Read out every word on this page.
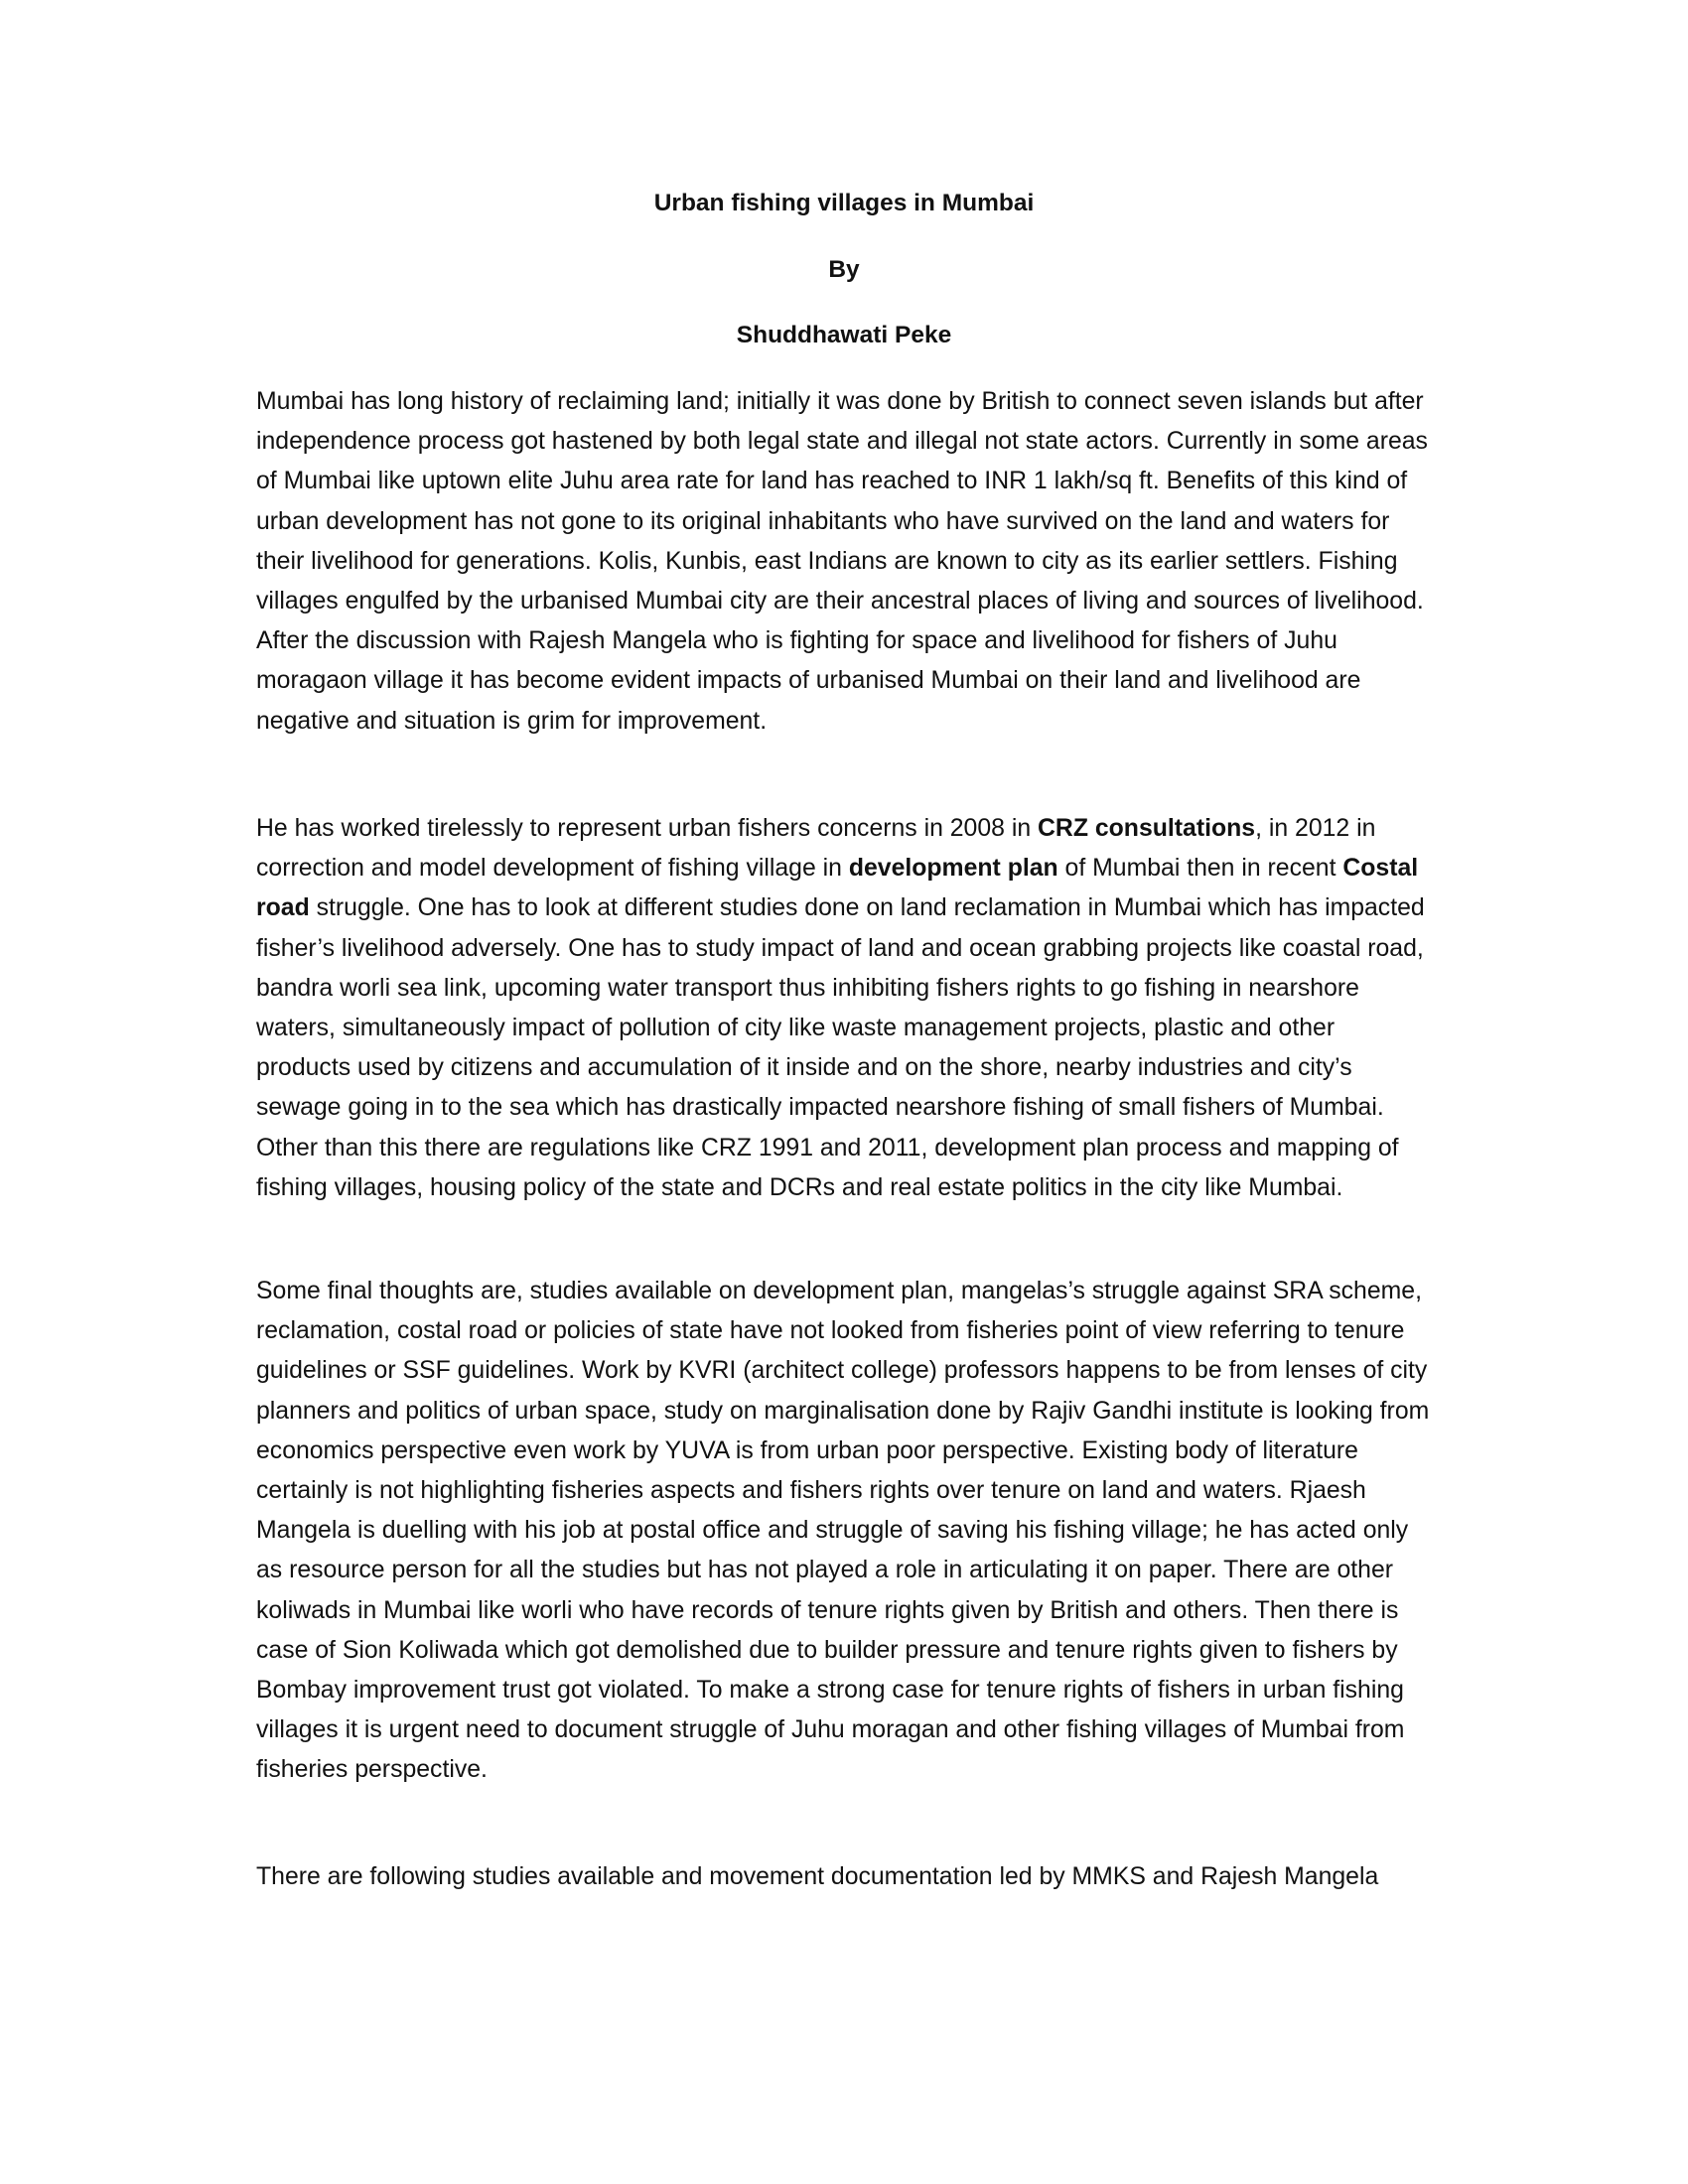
Urban fishing villages in Mumbai

By

Shuddhawati Peke

Mumbai has long history of reclaiming land; initially it was done by British to connect seven islands but after independence process got hastened by both legal state and illegal not state actors. Currently in some areas of Mumbai like uptown elite Juhu area rate for land has reached to INR 1 lakh/sq ft. Benefits of this kind of urban development has not gone to its original inhabitants who have survived on the land and waters for their livelihood for generations. Kolis, Kunbis, east Indians are known to city as its earlier settlers. Fishing villages engulfed by the urbanised Mumbai city are their ancestral places of living and sources of livelihood. After the discussion with Rajesh Mangela who is fighting for space and livelihood for fishers of Juhu moragaon village it has become evident impacts of urbanised Mumbai on their land and livelihood are negative and situation is grim for improvement.

He has worked tirelessly to represent urban fishers concerns in 2008 in CRZ consultations, in 2012 in correction and model development of fishing village in development plan of Mumbai then in recent Costal road struggle. One has to look at different studies done on land reclamation in Mumbai which has impacted fisher’s livelihood adversely. One has to study impact of land and ocean grabbing projects like coastal road, bandra worli sea link, upcoming water transport thus inhibiting fishers rights to go fishing in nearshore waters, simultaneously impact of pollution of city like waste management projects, plastic and other products used by citizens and accumulation of it inside and on the shore, nearby industries and city’s sewage going in to the sea which has drastically impacted nearshore fishing of small fishers of Mumbai. Other than this there are regulations like CRZ 1991 and 2011, development plan process and mapping of fishing villages, housing policy of the state and DCRs and real estate politics in the city like Mumbai.

Some final thoughts are, studies available on development plan, mangelas’s struggle against SRA scheme, reclamation, costal road or policies of state have not looked from fisheries point of view referring to tenure guidelines or SSF guidelines. Work by KVRI (architect college) professors happens to be from lenses of city planners and politics of urban space, study on marginalisation done by Rajiv Gandhi institute is looking from economics perspective even work by YUVA is from urban poor perspective. Existing body of literature certainly is not highlighting fisheries aspects and fishers rights over tenure on land and waters. Rjaesh Mangela is duelling with his job at postal office and struggle of saving his fishing village; he has acted only as resource person for all the studies but has not played a role in articulating it on paper. There are other koliwads in Mumbai like worli who have records of tenure rights given by British and others. Then there is case of Sion Koliwada which got demolished due to builder pressure and tenure rights given to fishers by Bombay improvement trust got violated. To make a strong case for tenure rights of fishers in urban fishing villages it is urgent need to document struggle of Juhu moragan and other fishing villages of Mumbai from fisheries perspective.

There are following studies available and movement documentation led by MMKS and Rajesh Mangela
